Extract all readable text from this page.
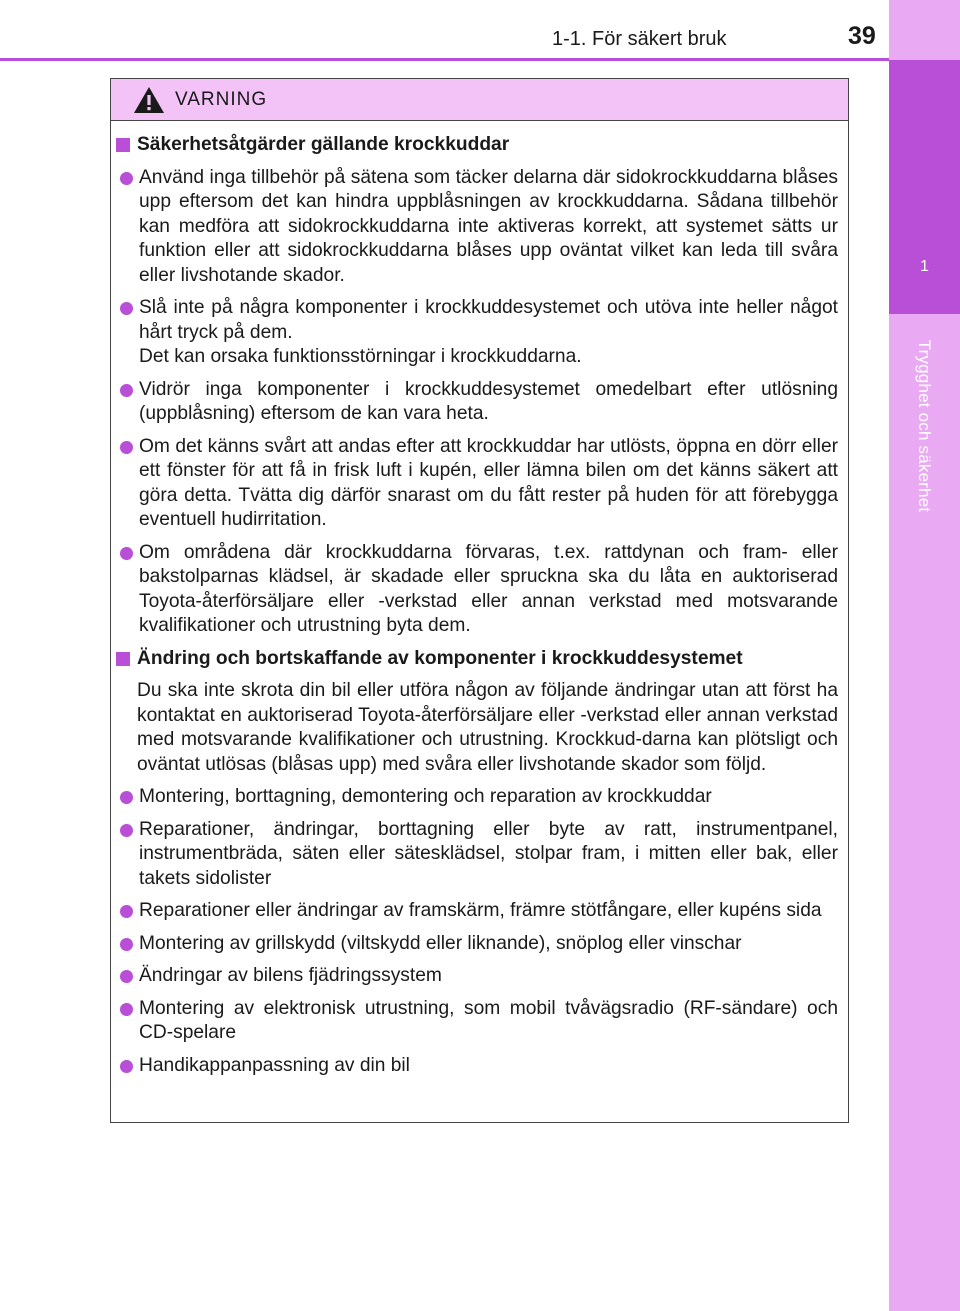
1
Trygghet och säkerhet
1-1. För säkert bruk	39
VARNING
Säkerhetsåtgärder gällande krockkuddar
Använd inga tillbehör på sätena som täcker delarna där sidokrockkuddarna blåses upp eftersom det kan hindra uppblåsningen av krockkuddarna. Sådana tillbehör kan medföra att sidokrockkuddarna inte aktiveras korrekt, att systemet sätts ur funktion eller att sidokrockkuddarna blåses upp oväntat vilket kan leda till svåra eller livshotande skador.
Slå inte på några komponenter i krockkuddesystemet och utöva inte heller något hårt tryck på dem.
Det kan orsaka funktionsstörningar i krockkuddarna.
Vidrör inga komponenter i krockkuddesystemet omedelbart efter utlösning (uppblåsning) eftersom de kan vara heta.
Om det känns svårt att andas efter att krockkuddar har utlösts, öppna en dörr eller ett fönster för att få in frisk luft i kupén, eller lämna bilen om det känns säkert att göra detta. Tvätta dig därför snarast om du fått rester på huden för att förebygga eventuell hudirritation.
Om områdena där krockkuddarna förvaras, t.ex. rattdynan och fram- eller bakstolparnas klädsel, är skadade eller spruckna ska du låta en auktoriserad Toyota-återförsäljare eller -verkstad eller annan verkstad med motsvarande kvalifikationer och utrustning byta dem.
Ändring och bortskaffande av komponenter i krockkuddesystemet
Du ska inte skrota din bil eller utföra någon av följande ändringar utan att först ha kontaktat en auktoriserad Toyota-återförsäljare eller -verkstad eller annan verkstad med motsvarande kvalifikationer och utrustning. Krockkud-darna kan plötsligt och oväntat utlösas (blåsas upp) med svåra eller livshotande skador som följd.
Montering, borttagning, demontering och reparation av krockkuddar
Reparationer, ändringar, borttagning eller byte av ratt, instrumentpanel, instrumentbräda, säten eller sätesklädsel, stolpar fram, i mitten eller bak, eller takets sidolister
Reparationer eller ändringar av framskärm, främre stötfångare, eller kupéns sida
Montering av grillskydd (viltskydd eller liknande), snöplog eller vinschar
Ändringar av bilens fjädringssystem
Montering av elektronisk utrustning, som mobil tvåvägsradio (RF-sändare) och CD-spelare
Handikappanpassning av din bil
